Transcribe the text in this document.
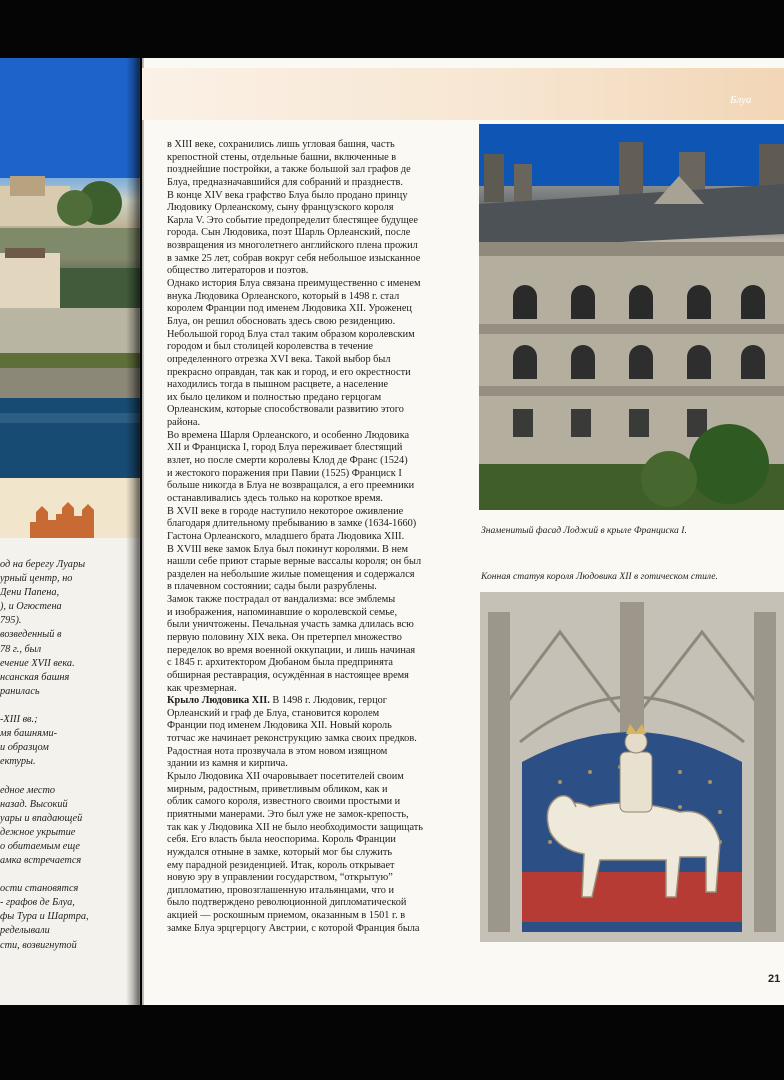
од на берегу Луары
урный центр, но
Дени Папена,
), и Огюстена
795).
возведенный в
78 г., был
ечение XVII века.
нсанская башня
ранилась
-XIII вв.;
мя башнями-
и образцом
ектуры.
едное место
назад. Высокий
уары и впадающей
дежное укрытие
о обитаемым еще
амка встречается
ости становятся
- графов де Блуа,
фы Тура и Шартра,
ределывали
сти, возвигнутой
Блуа
в XIII веке, сохранились лишь угловая башня, часть
крепостной стены, отдельные башни, включенные в
позднейшие постройки, а также большой зал графов де
Блуа, предназначавшийся для собраний и празднеств.
В конце XIV века графство Блуа было продано принцу
Людовику Орлеанскому, сыну французского короля
Карла V. Это событие предопределит блестящее будущее
города. Сын Людовика, поэт Шарль Орлеанский, после
возвращения из многолетнего английского плена прожил
в замке 25 лет, собрав вокруг себя небольшое изысканное
общество литераторов и поэтов.
Однако история Блуа связана преимущественно с именем
внука Людовика Орлеанского, который в 1498 г. стал
королем Франции под именем Людовика XII. Уроженец
Блуа, он решил обосновать здесь свою резиденцию.
Небольшой город Блуа стал таким образом королевским
городом и был столицей королевства в течение
определенного отрезка XVI века. Такой выбор был
прекрасно оправдан, так как и город, и его окрестности
находились тогда в пышном расцвете, а население
их было целиком и полностью предано герцогам
Орлеанским, которые способствовали развитию этого
района.
Во времена Шарля Орлеанского, и особенно Людовика
XII и Франциска I, город Блуа переживает блестящий
взлет, но после смерти королевы Клод де Франс (1524)
и жестокого поражения при Павии (1525) Франциск I
больше никогда в Блуа не возвращался, а его преемники
останавливались здесь только на короткое время.
В XVII веке в городе наступило некоторое оживление
благодаря длительному пребыванию в замке (1634-1660)
Гастона Орлеанского, младшего брата Людовика XIII.
В XVIII веке замок Блуа был покинут королями. В нем
нашли себе приют старые верные вассалы короля; он был
разделен на небольшие жилые помещения и содержался
в плачевном состоянии; сады были разрублены.
Замок также пострадал от вандализма: все эмблемы
и изображения, напоминавшие о королевской семье,
были уничтожены. Печальная участь замка длилась всю
первую половину XIX века. Он претерпел множество
переделок во время военной оккупации, и лишь начиная
с 1845 г. архитектором Дюбаном была предпринята
обширная реставрация, осуждённая в настоящее время
как чрезмерная.
Крыло Людовика XII. В 1498 г. Людовик, герцог
Орлеанский и граф де Блуа, становится королем
Франции под именем Людовика XII. Новый король
тотчас же начинает реконструкцию замка своих предков.
Радостная нота прозвучала в этом новом изящном
здании из камня и кирпича.
Крыло Людовика XII очаровывает посетителей своим
мирным, радостным, приветливым обликом, как и
облик самого короля, известного своими простыми и
приятными манерами. Это был уже не замок-крепость,
так как у Людовика XII не было необходимости защищать
себя. Его власть была неоспорима. Король Франции
нуждался отныне в замке, который мог бы служить
ему парадной резиденцией. Итак, король открывает
новую эру в управлении государством, “открытую”
дипломатию, провозглашенную итальянцами, что и
было подтверждено революционной дипломатической
акцией — роскошным приемом, оказанным в 1501 г. в
замке Блуа эрцгерцогу Австрии, с которой Франция была
Знаменитый фасад Лоджий в крыле Франциска I.
Конная статуя короля Людовика XII в готическом стиле.
21
